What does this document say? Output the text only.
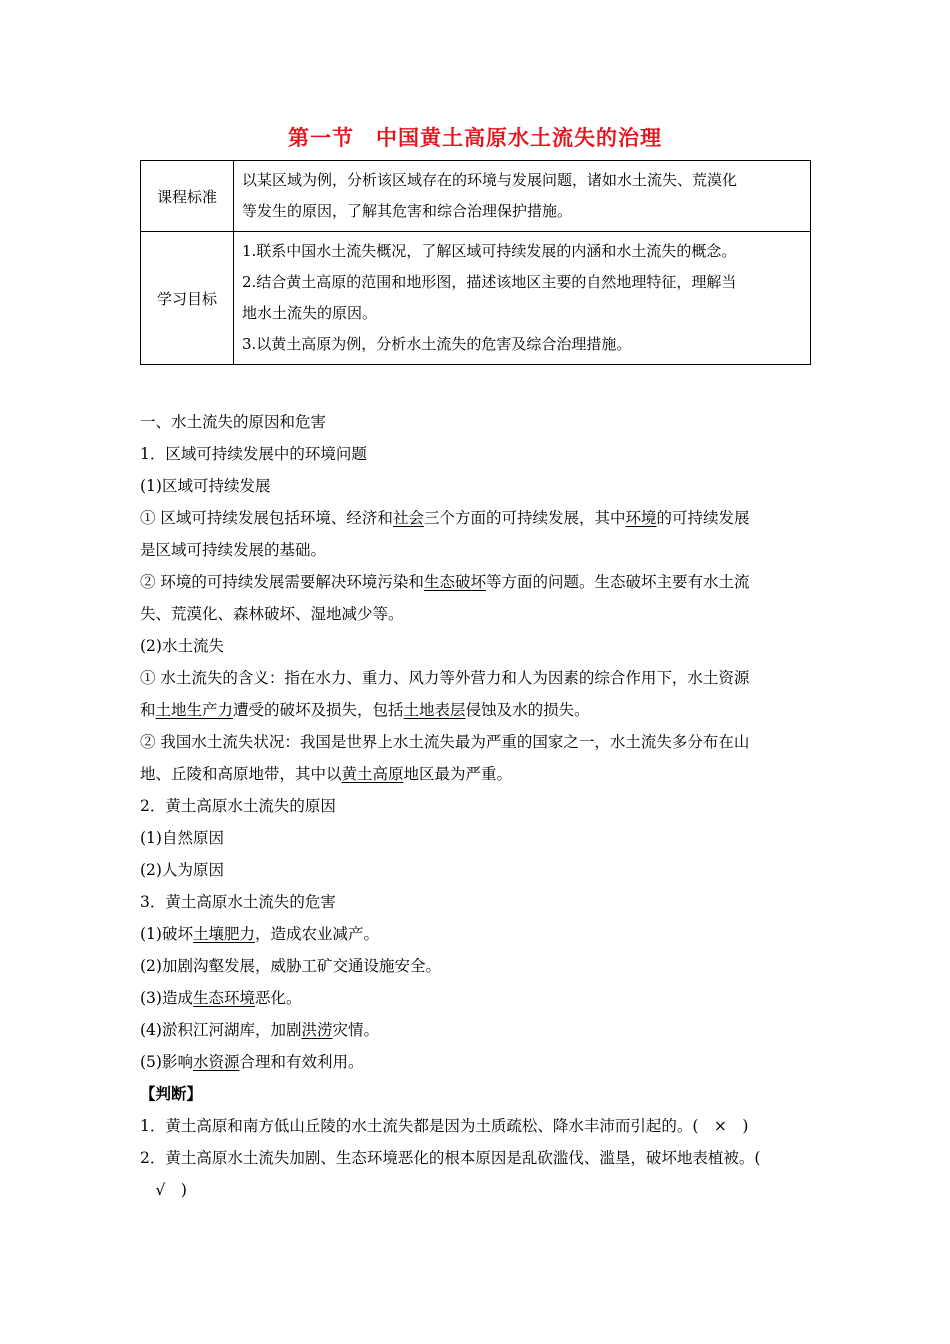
第一节 中国黄土高原水土流失的治理
课程标准	以某区域为例，分析该区域存在的环境与发展问题，诸如水土流失、荒漠化
等发生的原因，了解其危害和综合治理保护措施。

学习目标	1.联系中国水土流失概况，了解区域可持续发展的内涵和水土流失的概念。
2.结合黄土高原的范围和地形图，描述该地区主要的自然地理特征，理解当
地水土流失的原因。
3.以黄土高原为例，分析水土流失的危害及综合治理措施。
一、水土流失的原因和危害
1．区域可持续发展中的环境问题
(1)区域可持续发展
① 区域可持续发展包括环境、经济和社会三个方面的可持续发展，其中环境的可持续发展
是区域可持续发展的基础。
② 环境的可持续发展需要解决环境污染和生态破坏等方面的问题。生态破坏主要有水土流
失、荒漠化、森林破坏、湿地减少等。
(2)水土流失
① 水土流失的含义：指在水力、重力、风力等外营力和人为因素的综合作用下，水土资源
和土地生产力遭受的破坏及损失，包括土地表层侵蚀及水的损失。
② 我国水土流失状况：我国是世界上水土流失最为严重的国家之一，水土流失多分布在山
地、丘陵和高原地带，其中以黄土高原地区最为严重。
2．黄土高原水土流失的原因
(1)自然原因
(2)人为原因
3．黄土高原水土流失的危害
(1)破坏土壤肥力，造成农业减产。
(2)加剧沟壑发展，威胁工矿交通设施安全。
(3)造成生态环境恶化。
(4)淤积江河湖库，加剧洪涝灾情。
(5)影响水资源合理和有效利用。
【判断】
1．黄土高原和南方低山丘陵的水土流失都是因为土质疏松、降水丰沛而引起的。(　×　)
2．黄土高原水土流失加剧、生态环境恶化的根本原因是乱砍滥伐、滥垦，破坏地表植被。(
　√　)
